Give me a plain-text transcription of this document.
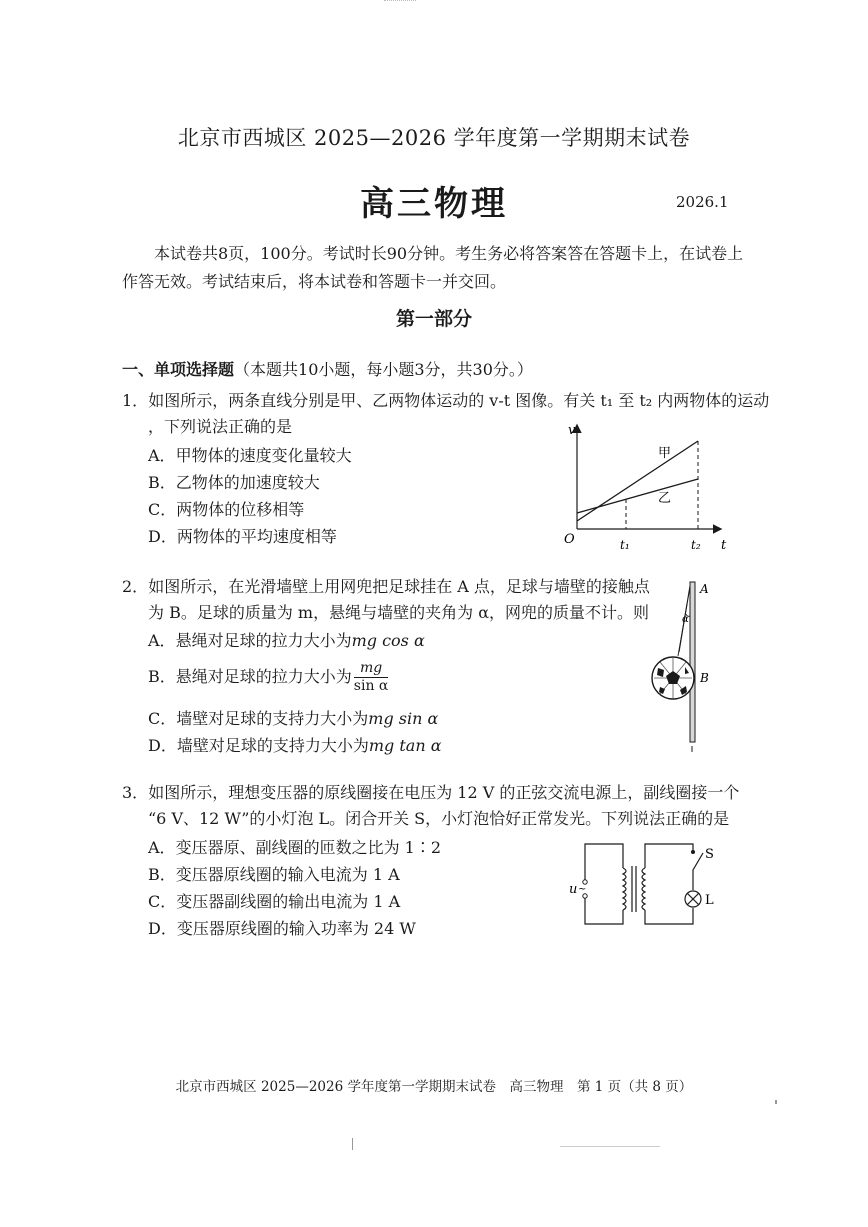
北京市西城区 2025—2026 学年度第一学期期末试卷
高三物理	2026.1
本试卷共8页，100分。考试时长90分钟。考生务必将答案答在答题卡上，在试卷上作答无效。考试结束后，将本试卷和答题卡一并交回。
第一部分
一、单项选择题（本题共10小题，每小题3分，共30分。）
1．如图所示，两条直线分别是甲、乙两物体运动的 v-t 图像。有关 t₁ 至 t₂ 内两物体的运动
，下列说法正确的是
A．甲物体的速度变化量较大
B．乙物体的加速度较大
C．两物体的位移相等
D．两物体的平均速度相等
v
t
O	t₁	t₂
甲
乙
2．如图所示，在光滑墙壁上用网兜把足球挂在 A 点，足球与墙壁的接触点
为 B。足球的质量为 m，悬绳与墙壁的夹角为 α，网兜的质量不计。则
A．悬绳对足球的拉力大小为mg cos α
B．悬绳对足球的拉力大小为 $\frac{mg}{\text{sin α}}$
C．墙壁对足球的支持力大小为mg sin α
D．墙壁对足球的支持力大小为mg tan α
A
B
α
3．如图所示，理想变压器的原线圈接在电压为 12 V 的正弦交流电源上，副线圈接一个
“6 V、12 W”的小灯泡 L。闭合开关 S，小灯泡恰好正常发光。下列说法正确的是
A．变压器原、副线圈的匝数之比为 1∶2
B．变压器原线圈的输入电流为 1 A
C．变压器副线圈的输出电流为 1 A
D．变压器原线圈的输入功率为 24 W
u ~
S
L
北京市西城区 2025—2026 学年度第一学期期末试卷　高三物理　第 1 页（共 8 页）
